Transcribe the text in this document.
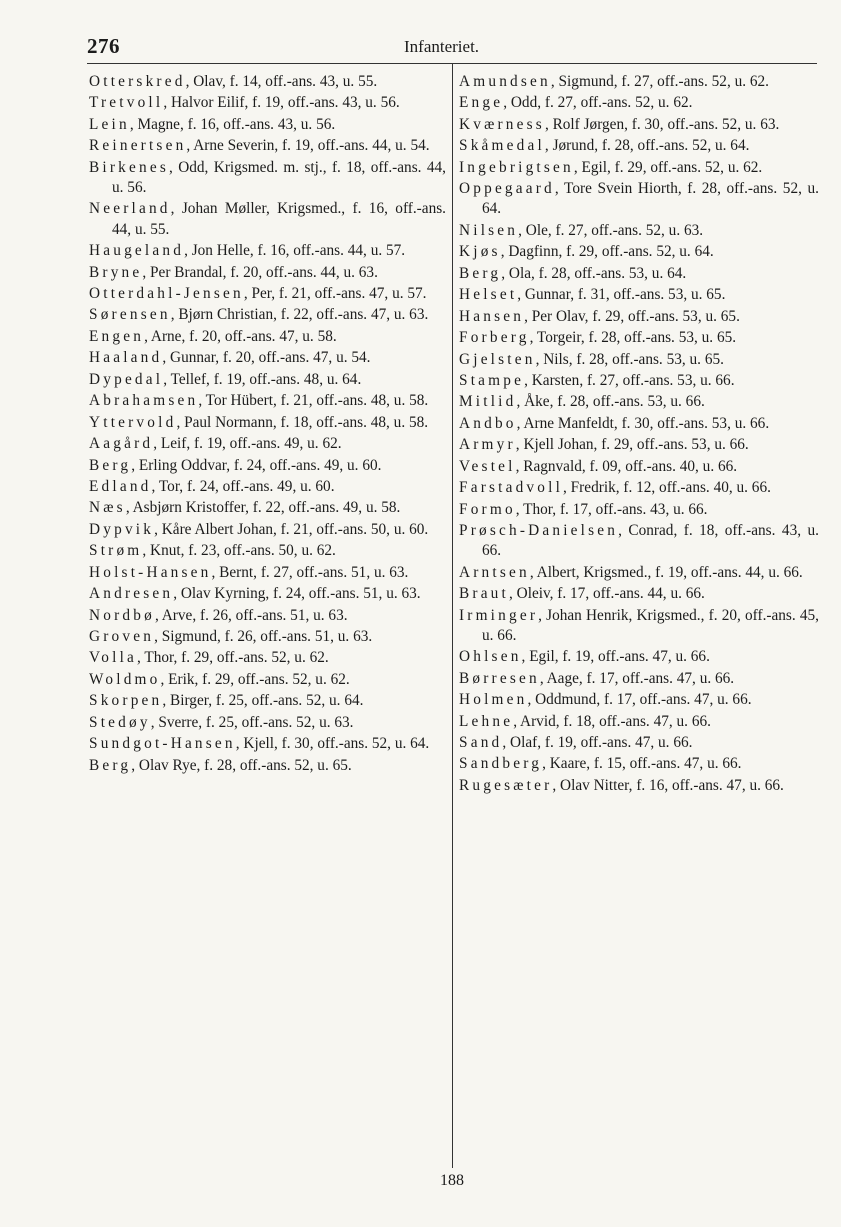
276	Infanteriet.
Otterskred, Olav, f. 14, off.-ans. 43, u. 55.
Tretvoll, Halvor Eilif, f. 19, off.-ans. 43, u. 56.
Lein, Magne, f. 16, off.-ans. 43, u. 56.
Reinertsen, Arne Severin, f. 19, off.-ans. 44, u. 54.
Birkenes, Odd, Krigsmed. m. stj., f. 18, off.-ans. 44, u. 56.
Neerland, Johan Møller, Krigsmed., f. 16, off.-ans. 44, u. 55.
Haugeland, Jon Helle, f. 16, off.-ans. 44, u. 57.
Bryne, Per Brandal, f. 20, off.-ans. 44, u. 63.
Otterdahl-Jensen, Per, f. 21, off.-ans. 47, u. 57.
Sørensen, Bjørn Christian, f. 22, off.-ans. 47, u. 63.
Engen, Arne, f. 20, off.-ans. 47, u. 58.
Haaland, Gunnar, f. 20, off.-ans. 47, u. 54.
Dypedal, Tellef, f. 19, off.-ans. 48, u. 64.
Abrahamsen, Tor Hübert, f. 21, off.-ans. 48, u. 58.
Yttervold, Paul Normann, f. 18, off.-ans. 48, u. 58.
Aagård, Leif, f. 19, off.-ans. 49, u. 62.
Berg, Erling Oddvar, f. 24, off.-ans. 49, u. 60.
Edland, Tor, f. 24, off.-ans. 49, u. 60.
Næs, Asbjørn Kristoffer, f. 22, off.-ans. 49, u. 58.
Dypvik, Kåre Albert Johan, f. 21, off.-ans. 50, u. 60.
Strøm, Knut, f. 23, off.-ans. 50, u. 62.
Holst-Hansen, Bernt, f. 27, off.-ans. 51, u. 63.
Andresen, Olav Kyrning, f. 24, off.-ans. 51, u. 63.
Nordbø, Arve, f. 26, off.-ans. 51, u. 63.
Groven, Sigmund, f. 26, off.-ans. 51, u. 63.
Volla, Thor, f. 29, off.-ans. 52, u. 62.
Woldmo, Erik, f. 29, off.-ans. 52, u. 62.
Skorpen, Birger, f. 25, off.-ans. 52, u. 64.
Stedøy, Sverre, f. 25, off.-ans. 52, u. 63.
Sundgot-Hansen, Kjell, f. 30, off.-ans. 52, u. 64.
Berg, Olav Rye, f. 28, off.-ans. 52, u. 65.
Amundsen, Sigmund, f. 27, off.-ans. 52, u. 62.
Enge, Odd, f. 27, off.-ans. 52, u. 62.
Kværness, Rolf Jørgen, f. 30, off.-ans. 52, u. 63.
Skåmedal, Jørund, f. 28, off.-ans. 52, u. 64.
Ingebrigtsen, Egil, f. 29, off.-ans. 52, u. 62.
Oppegaard, Tore Svein Hiorth, f. 28, off.-ans. 52, u. 64.
Nilsen, Ole, f. 27, off.-ans. 52, u. 63.
Kjøs, Dagfinn, f. 29, off.-ans. 52, u. 64.
Berg, Ola, f. 28, off.-ans. 53, u. 64.
Helset, Gunnar, f. 31, off.-ans. 53, u. 65.
Hansen, Per Olav, f. 29, off.-ans. 53, u. 65.
Forberg, Torgeir, f. 28, off.-ans. 53, u. 65.
Gjelsten, Nils, f. 28, off.-ans. 53, u. 65.
Stampe, Karsten, f. 27, off.-ans. 53, u. 66.
Mitlid, Åke, f. 28, off.-ans. 53, u. 66.
Andbo, Arne Manfeldt, f. 30, off.-ans. 53, u. 66.
Armyr, Kjell Johan, f. 29, off.-ans. 53, u. 66.
Vestel, Ragnvald, f. 09, off.-ans. 40, u. 66.
Farstadvoll, Fredrik, f. 12, off.-ans. 40, u. 66.
Formo, Thor, f. 17, off.-ans. 43, u. 66.
Prøsch-Danielsen, Conrad, f. 18, off.-ans. 43, u. 66.
Arntsen, Albert, Krigsmed., f. 19, off.-ans. 44, u. 66.
Braut, Oleiv, f. 17, off.-ans. 44, u. 66.
Irminger, Johan Henrik, Krigsmed., f. 20, off.-ans. 45, u. 66.
Ohlsen, Egil, f. 19, off.-ans. 47, u. 66.
Børresen, Aage, f. 17, off.-ans. 47, u. 66.
Holmen, Oddmund, f. 17, off.-ans. 47, u. 66.
Lehne, Arvid, f. 18, off.-ans. 47, u. 66.
Sand, Olaf, f. 19, off.-ans. 47, u. 66.
Sandberg, Kaare, f. 15, off.-ans. 47, u. 66.
Rugesæter, Olav Nitter, f. 16, off.-ans. 47, u. 66.
188
